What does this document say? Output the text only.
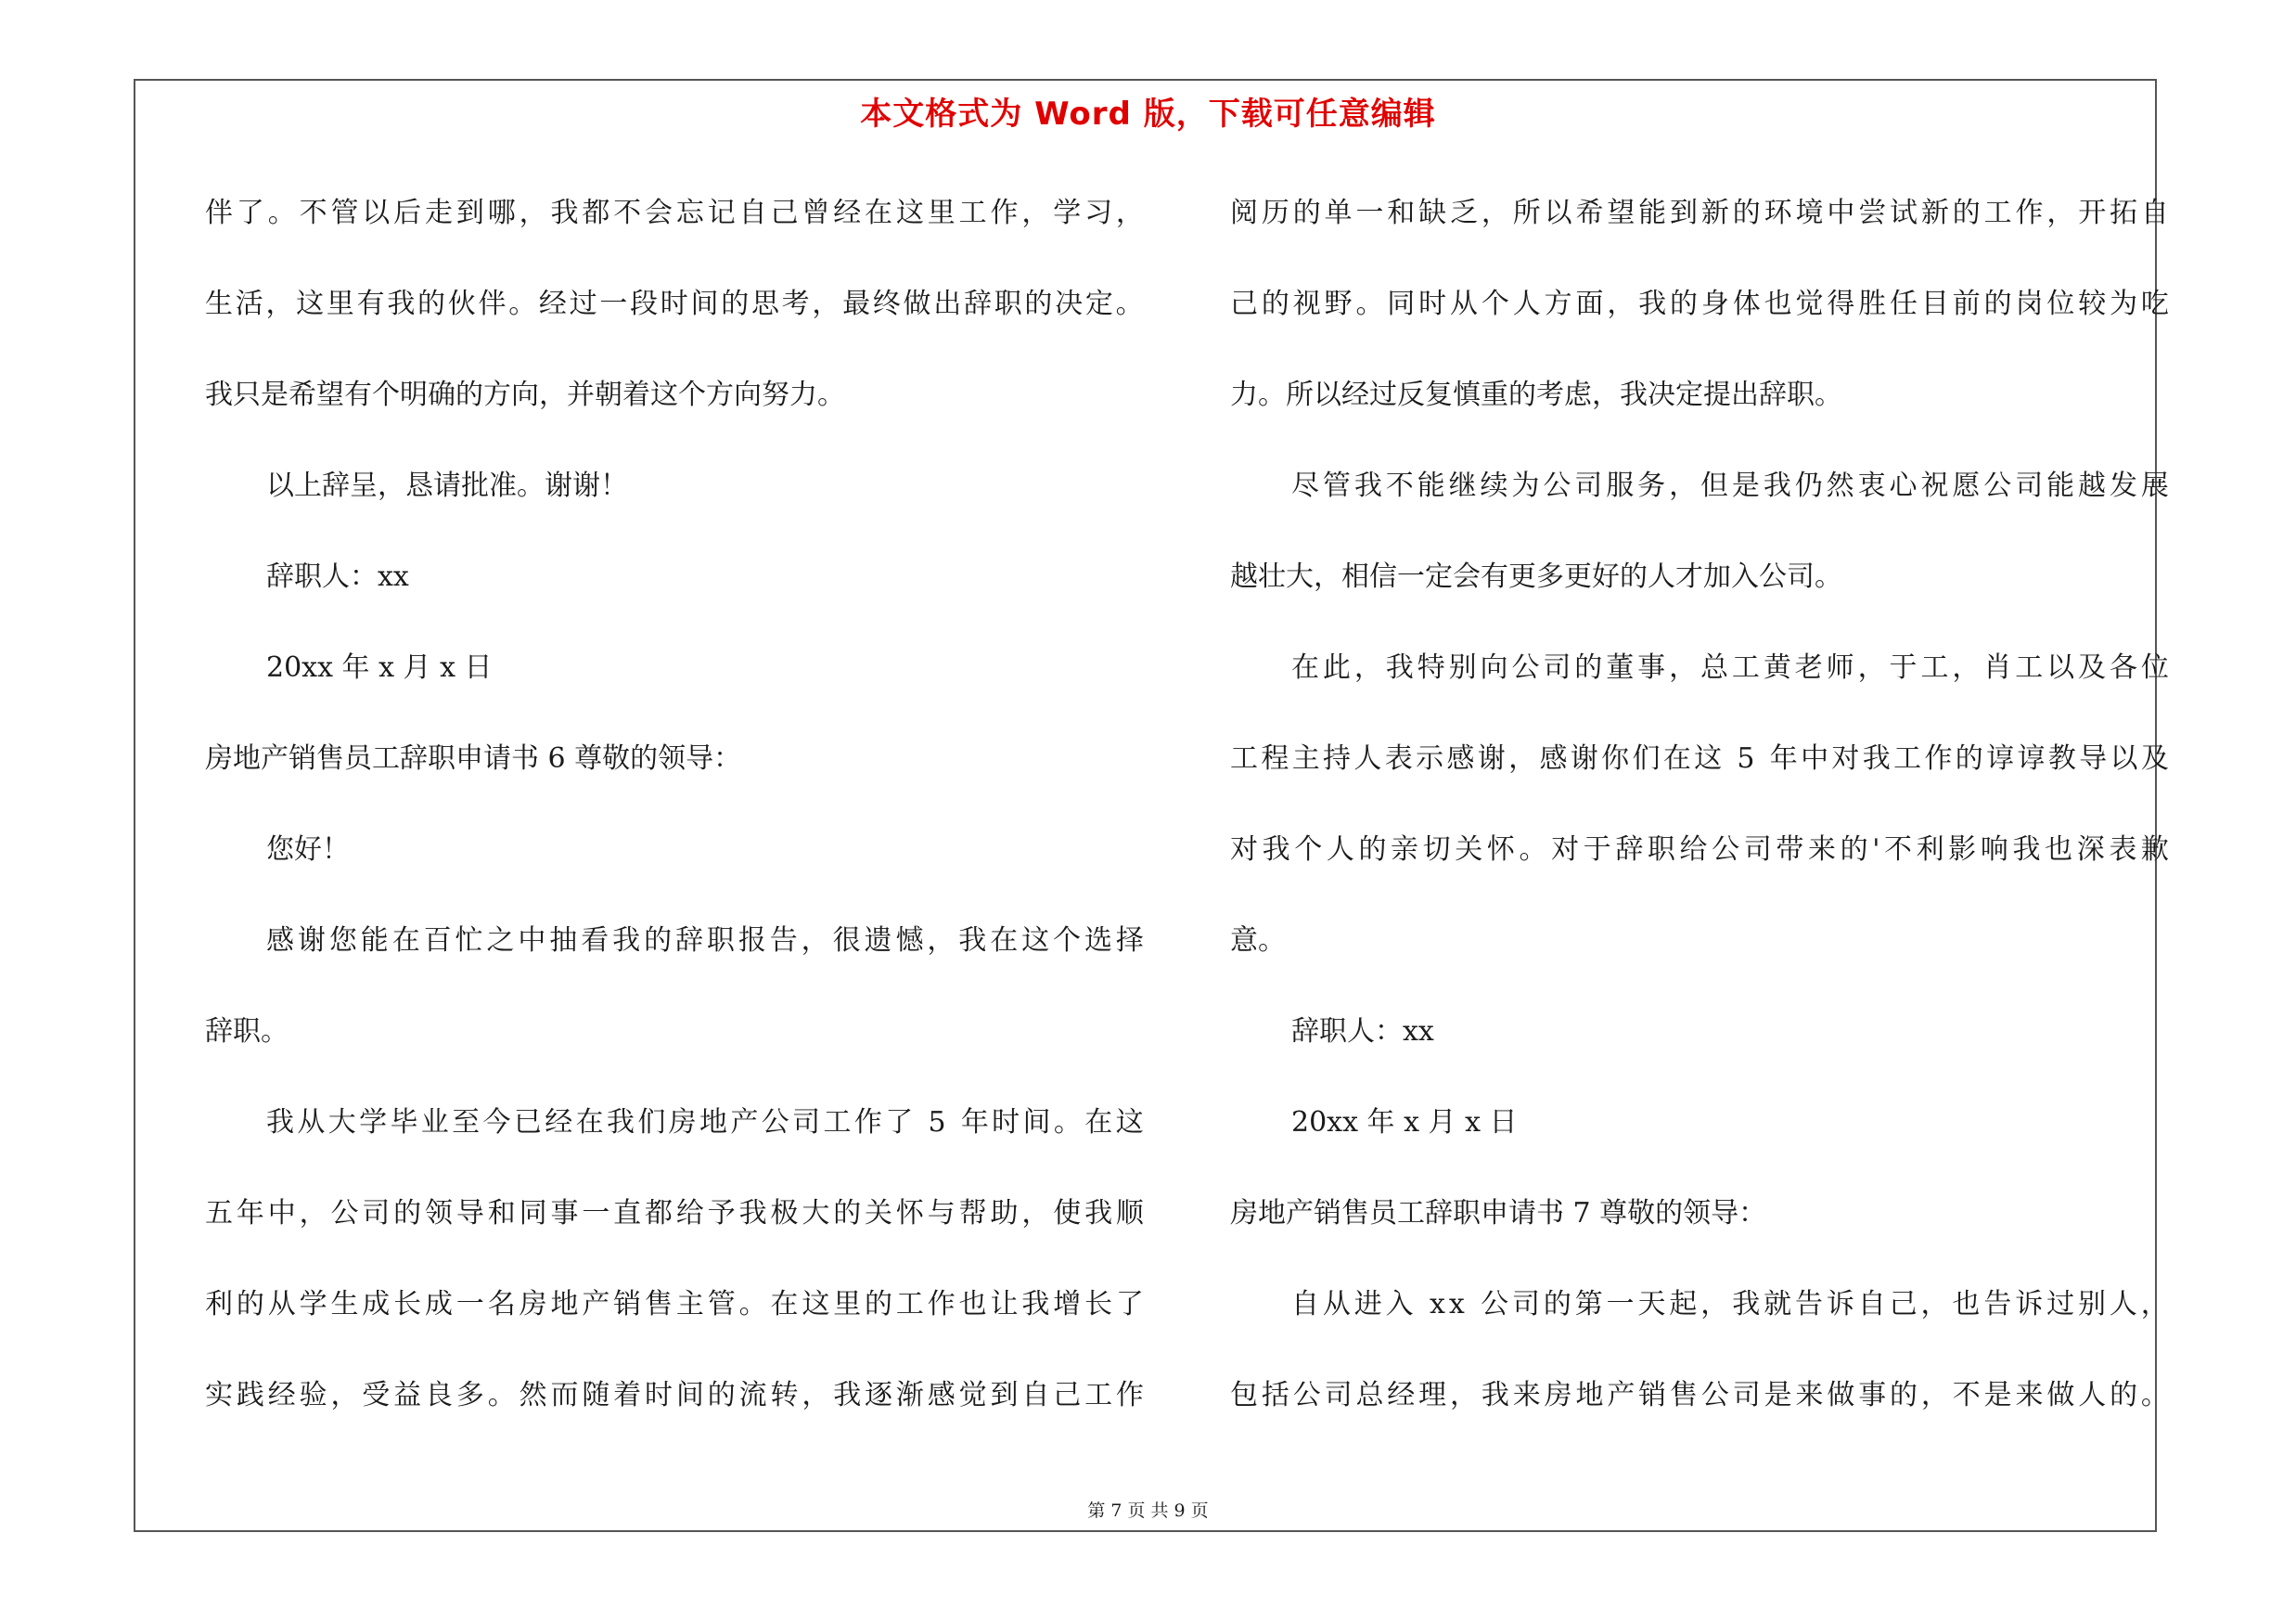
本文格式为 Word 版，下载可任意编辑
伴 了 。 不 管 以 后 走 到 哪 ， 我 都 不 会 忘 记 自 己 曾 经 在 这 里 工 作 ， 学 习 ，
生 活 ， 这 里 有 我 的 伙 伴 。 经 过 一 段 时 间 的 思 考 ， 最 终 做 出 辞 职 的 决 定 。
我只是希望有个明确的方向，并朝着这个方向努力。
以上辞呈，恳请批准。谢谢！
辞职人：xx
20xx 年 x 月 x 日
房地产销售员工辞职申请书 6 尊敬的领导：
您好！
感 谢 您 能 在 百 忙 之 中 抽 看 我 的 辞 职 报 告 ， 很 遗 憾 ， 我 在 这 个 选 择
辞职。
我 从 大 学 毕 业 至 今 已 经 在 我 们 房 地 产 公 司 工 作 了
5
年 时 间 。 在 这
五 年 中 ， 公 司 的 领 导 和 同 事 一 直 都 给 予 我 极 大 的 关 怀 与 帮 助 ， 使 我 顺
利 的 从 学 生 成 长 成 一 名 房 地 产 销 售 主 管 。 在 这 里 的 工 作 也 让 我 增 长 了
实 践 经 验 ， 受 益 良 多 。 然 而 随 着 时 间 的 流 转 ， 我 逐 渐 感 觉 到 自 己 工 作
阅 历 的 单 一 和 缺 乏 ， 所 以 希 望 能 到 新 的 环 境 中 尝 试 新 的 工 作 ， 开 拓 自
己 的 视 野 。 同 时 从 个 人 方 面 ， 我 的 身 体 也 觉 得 胜 任 目 前 的 岗 位 较 为 吃
力。所以经过反复慎重的考虑，我决定提出辞职。
尽 管 我 不 能 继 续 为 公 司 服 务 ， 但 是 我 仍 然 衷 心 祝 愿 公 司 能 越 发 展
越壮大，相信一定会有更多更好的人才加入公司。
在 此 ， 我 特 别 向 公 司 的 董 事 ， 总 工 黄 老 师 ， 于 工 ， 肖 工 以 及 各 位
工 程 主 持 人 表 示 感 谢 ， 感 谢 你 们 在 这
5
年 中 对 我 工 作 的 谆 谆 教 导 以 及
对 我 个 人 的 亲 切 关 怀 。 对 于 辞 职 给 公 司 带 来 的 ' 不 利 影 响 我 也 深 表 歉
意。
辞职人：xx
20xx 年 x 月 x 日
房地产销售员工辞职申请书 7 尊敬的领导：
自 从 进 入
x x
公 司 的 第 一 天 起 ， 我 就 告 诉 自 己 ， 也 告 诉 过 别 人 ，
包 括 公 司 总 经 理 ， 我 来 房 地 产 销 售 公 司 是 来 做 事 的 ， 不 是 来 做 人 的 。
第 7 页 共 9 页
